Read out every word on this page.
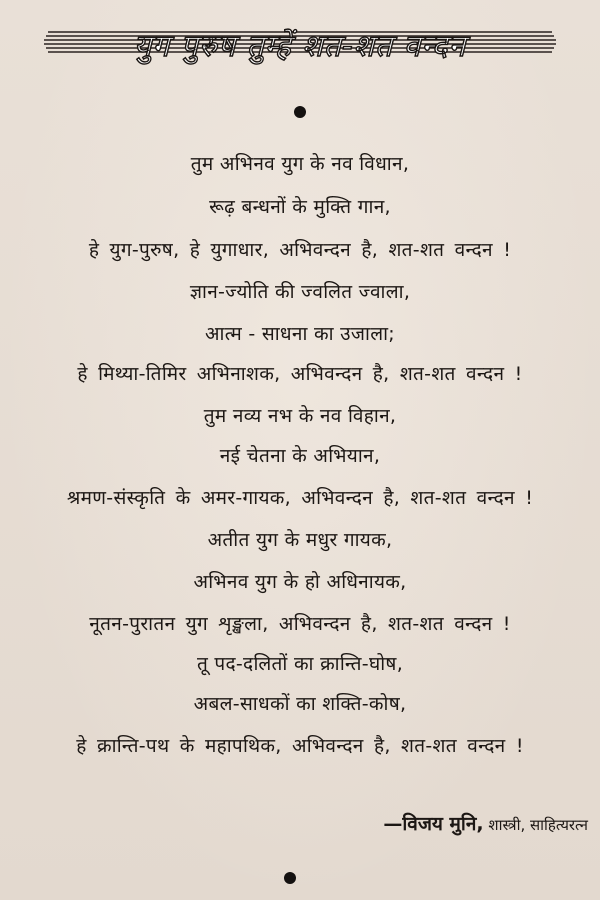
युग पुरुष तुम्हें शत-शत वन्दन
तुम अभिनव युग के नव विधान,
रूढ़ बन्धनों के मुक्ति गान,
हे युग-पुरुष, हे युगाधार, अभिवन्दन है, शत-शत वन्दन !
ज्ञान-ज्योति की ज्वलित ज्वाला,
आत्म - साधना का उजाला;
हे मिथ्या-तिमिर अभिनाशक, अभिवन्दन है, शत-शत वन्दन !
तुम नव्य नभ के नव विहान,
नई चेतना के अभियान,
श्रमण-संस्कृति के अमर-गायक, अभिवन्दन है, शत-शत वन्दन !
अतीत युग के मधुर गायक,
अभिनव युग के हो अधिनायक,
नूतन-पुरातन युग शृङ्खला, अभिवन्दन है, शत-शत वन्दन !
तू पद-दलितों का क्रान्ति-घोष,
अबल-साधकों का शक्ति-कोष,
हे क्रान्ति-पथ के महापथिक, अभिवन्दन है, शत-शत वन्दन !
—विजय मुनि, शास्त्री, साहित्यरत्न
